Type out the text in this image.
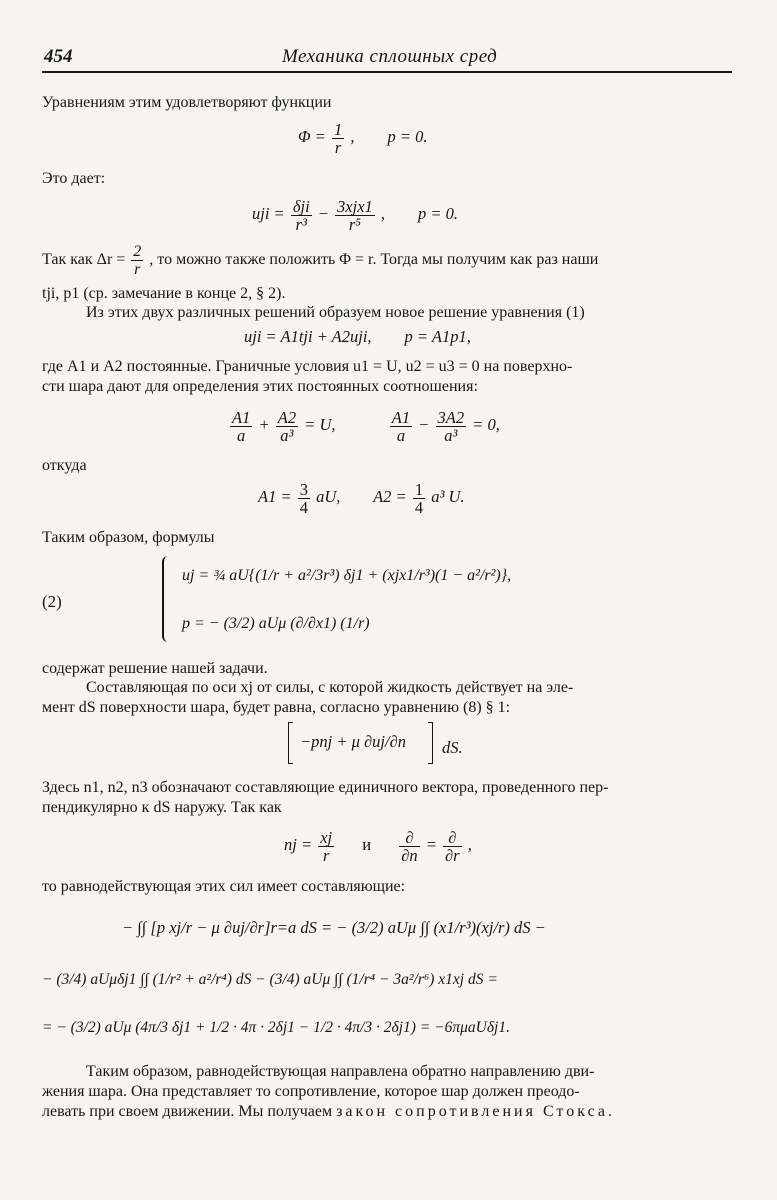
454	Механика сплошных сред
Уравнениям этим удовлетворяют функции
$\Phi = \frac{1}{r}$ ,        p = 0.
Это дает:
uji = $\frac{\text{δji}}{\text{r³}} - \frac{\text{3xjx1}}{\text{r⁵}}$ ,        p = 0.
Так как $\Delta r = \frac{2}{r}$ , то можно также положить Φ = r. Тогда мы получим как раз наши
tji, p1 (ср. замечание в конце 2, § 2).
Из этих двух различных решений образуем новое решение уравнения (1)
uji = A1tji + A2uji,        p = A1p1,
где A1 и A2 постоянные. Граничные условия u1 = U, u2 = u3 = 0 на поверхно-
сти шара дают для определения этих постоянных соотношения:
$\frac{A1}{a} + \frac{A2}{\text{a³}} = U$,	$\frac{A1}{a} - \frac{3A2}{\text{a³}} = 0$,
откуда
$A1 = \frac{3}{4}$ aU,        $A2 = \frac{1}{4} a^3$ U.
Таким образом, формулы
(2)
uj = ¾ aU{(1/r + a²/3r³) δj1 + (xjx1/r³)(1 − a²/r²)},
p = − (3/2) aUμ (∂/∂x1) (1/r)
содержат решение нашей задачи.
Составляющая по оси xj от силы, с которой жидкость действует на эле-
мент dS поверхности шара, будет равна, согласно уравнению (8) § 1:
−pnj + μ ∂uj/∂n dS.
Здесь n1, n2, n3 обозначают составляющие единичного вектора, проведенного пер-
пендикулярно к dS наружу. Так как
nj = $\frac{xj}{r}$ и $\frac{\partial}{\partial n} = \frac{\partial}{\partial r}$ ,
то равнодействующая этих сил имеет составляющие:
− ∫∫ [p xj/r − μ ∂uj/∂r]r=a dS = − (3/2) aUμ ∫∫ (x1/r³)(xj/r) dS −
− (3/4) aUμδj1 ∫∫ (1/r² + a²/r⁴) dS − (3/4) aUμ ∫∫ (1/r⁴ − 3a²/r⁶) x1xj dS =
= − (3/2) aUμ (4π/3 δj1 + 1/2 · 4π · 2δj1 − 1/2 · 4π/3 · 2δj1) = −6πμaUδj1.
Таким образом, равнодействующая направлена обратно направлению дви-
жения шара. Она представляет то сопротивление, которое шар должен преодо-
левать при своем движении. Мы получаем закон сопротивления Стокса.
